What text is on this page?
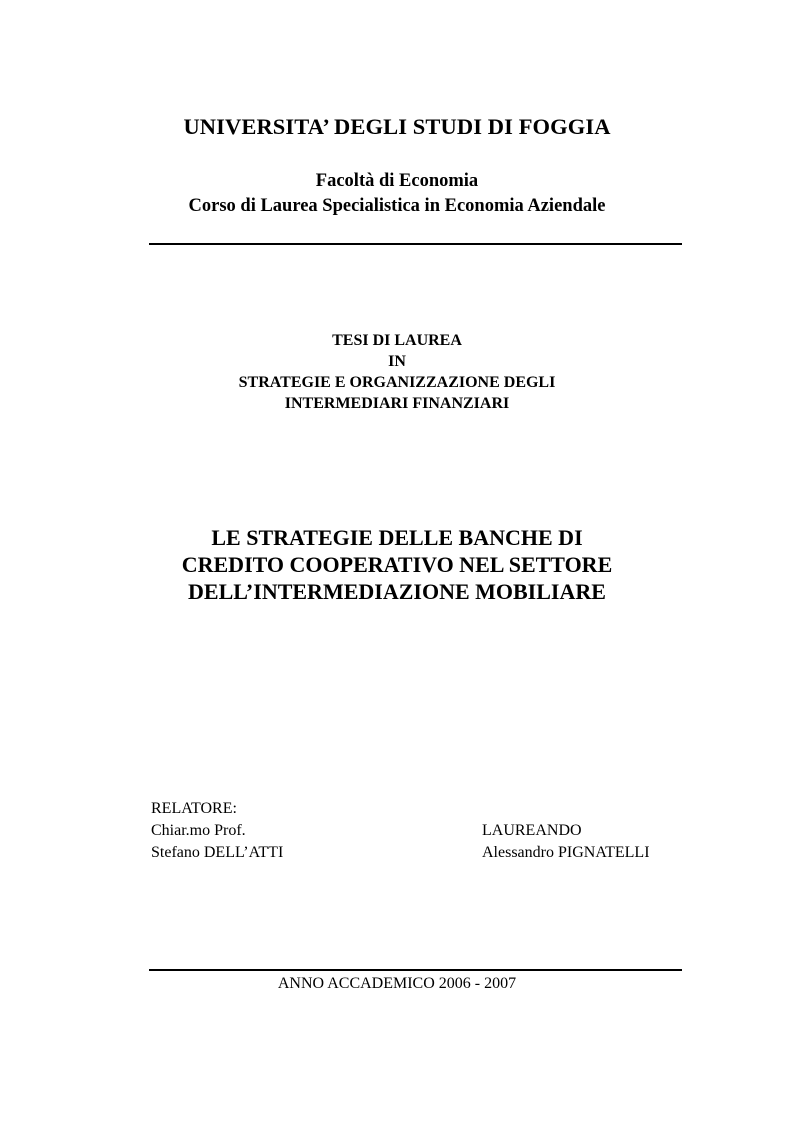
UNIVERSITA’ DEGLI STUDI DI FOGGIA
Facoltà di Economia
Corso di Laurea Specialistica in Economia Aziendale
TESI DI LAUREA
IN
STRATEGIE E ORGANIZZAZIONE DEGLI
INTERMEDIARI FINANZIARI
LE STRATEGIE DELLE BANCHE DI
CREDITO COOPERATIVO NEL SETTORE
DELL’INTERMEDIAZIONE MOBILIARE
RELATORE:
Chiar.mo Prof.
Stefano DELL’ATTI
LAUREANDO
Alessandro PIGNATELLI
ANNO ACCADEMICO 2006 - 2007
